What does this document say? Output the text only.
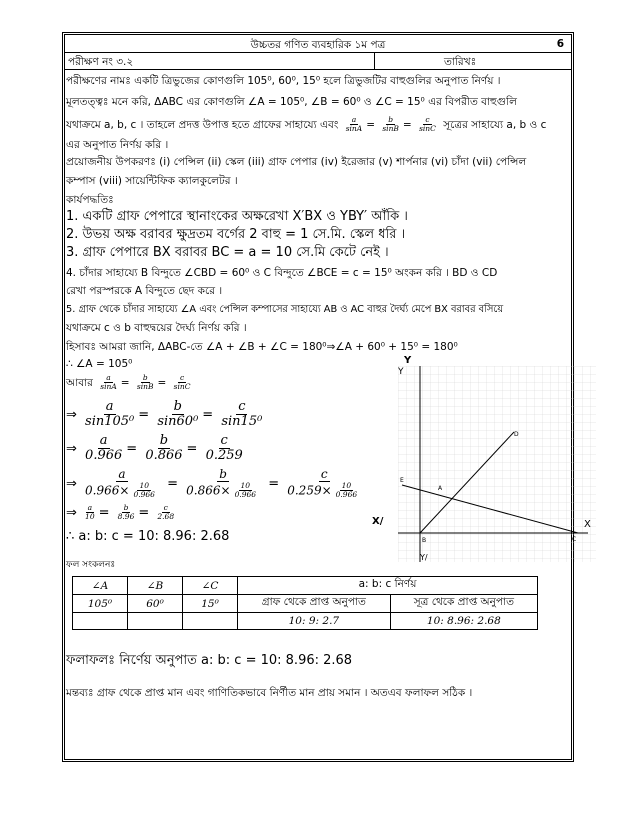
উচ্চতর গণিত ব্যবহারিক ১ম পত্র	6
পরীক্ষণ নং ৩.২	তারিখঃ
পরীক্ষণের নামঃ একটি ত্রিভুজের কোণগুলি 105⁰, 60⁰, 15⁰ হলে ত্রিভুজটির বাহুগুলির অনুপাত নির্ণয় ।
মূলতত্ত্বঃ মনে করি, ΔABC এর কোণগুলি ∠A = 105⁰, ∠B = 60⁰ ও ∠C = 15⁰ এর বিপরীত বাহুগুলি
যথাক্রমে a, b, c । তাহলে প্রদত্ত উপাত্ত হতে গ্রাফের সাহায্যে এবং $\frac{a}{\sin A} = \frac{b}{\sin B} = \frac{c}{\sin C}$ সূত্রের সাহায্যে a, b ও c
এর অনুপাত নির্ণয় করি ।
প্রয়োজনীয় উপকরণঃ (i) পেন্সিল (ii) স্কেল (iii) গ্রাফ পেপার (iv) ইরেজার (v) শার্পনার (vi) চাঁদা (vii) পেন্সিল
কম্পাস (viii) সায়েন্টিফিক ক্যালকুলেটর ।
কার্যপদ্ধতিঃ
1. একটি গ্রাফ পেপারে স্থানাংকের অক্ষরেখা X′BX ও YBY′ আঁকি ।
2. উভয় অক্ষ বরাবর ক্ষুদ্রতম বর্গের 2 বাহু = 1 সে.মি. স্কেল ধরি ।
3. গ্রাফ পেপারে BX বরাবর BC = a = 10 সে.মি কেটে নেই ।
4. চাঁদার সাহায্যে B বিন্দুতে ∠CBD = 60⁰ ও C বিন্দুতে ∠BCE = c = 15⁰ অংকন করি । BD ও CD
রেখা পরস্পরকে A বিন্দুতে ছেদ করে ।
5. গ্রাফ থেকে চাঁদার সাহায্যে ∠A এবং পেন্সিল কম্পাসের সাহায্যে AB ও AC বাহুর দৈর্ঘ্য মেপে BX বরাবর বসিয়ে
যথাক্রমে c ও b বাহুদ্বয়ের দৈর্ঘ্য নির্ণয় করি ।
হিসাবঃ আমরা জানি, ΔABC-তে ∠A + ∠B + ∠C = 180⁰⇒∠A + 60⁰ + 15⁰ = 180⁰
∴ ∠A = 105⁰
আবার $\frac{a}{\sin A} = \frac{b}{\sin B} = \frac{c}{\sin C}$
⇒ $\frac{a}{\text{sin105⁰}} = \frac{b}{\text{sin60⁰}} = \frac{c}{\text{sin15⁰}}$
⇒ $\frac{a}{0.966} = \frac{b}{0.866} = \frac{c}{0.259}$
⇒ $\frac{a}{0.966\times \frac{10}{0.966}} = \frac{b}{0.866\times \frac{10}{0.966}} = \frac{c}{0.259\times \frac{10}{0.966}}$
⇒ $\frac{a}{10} = \frac{b}{8.96} = \frac{c}{2.68}$
∴ a: b: c = 10: 8.96: 2.68
X
Y
Y/
B	C
D
E
A
Y
X/
ফল সংকলনঃ
∠A	∠B	∠C	a: b: c নির্ণয়	
105⁰	60⁰	15⁰	গ্রাফ থেকে প্রাপ্ত অনুপাত	সূত্র থেকে প্রাপ্ত অনুপাত
			10: 9: 2.7	10: 8.96: 2.68
ফলাফলঃ নির্ণেয় অনুপাত a: b: c = 10: 8.96: 2.68
মন্তব্যঃ গ্রাফ থেকে প্রাপ্ত মান এবং গাণিতিকভাবে নির্ণীত মান প্রায় সমান । অতএব ফলাফল সঠিক ।
